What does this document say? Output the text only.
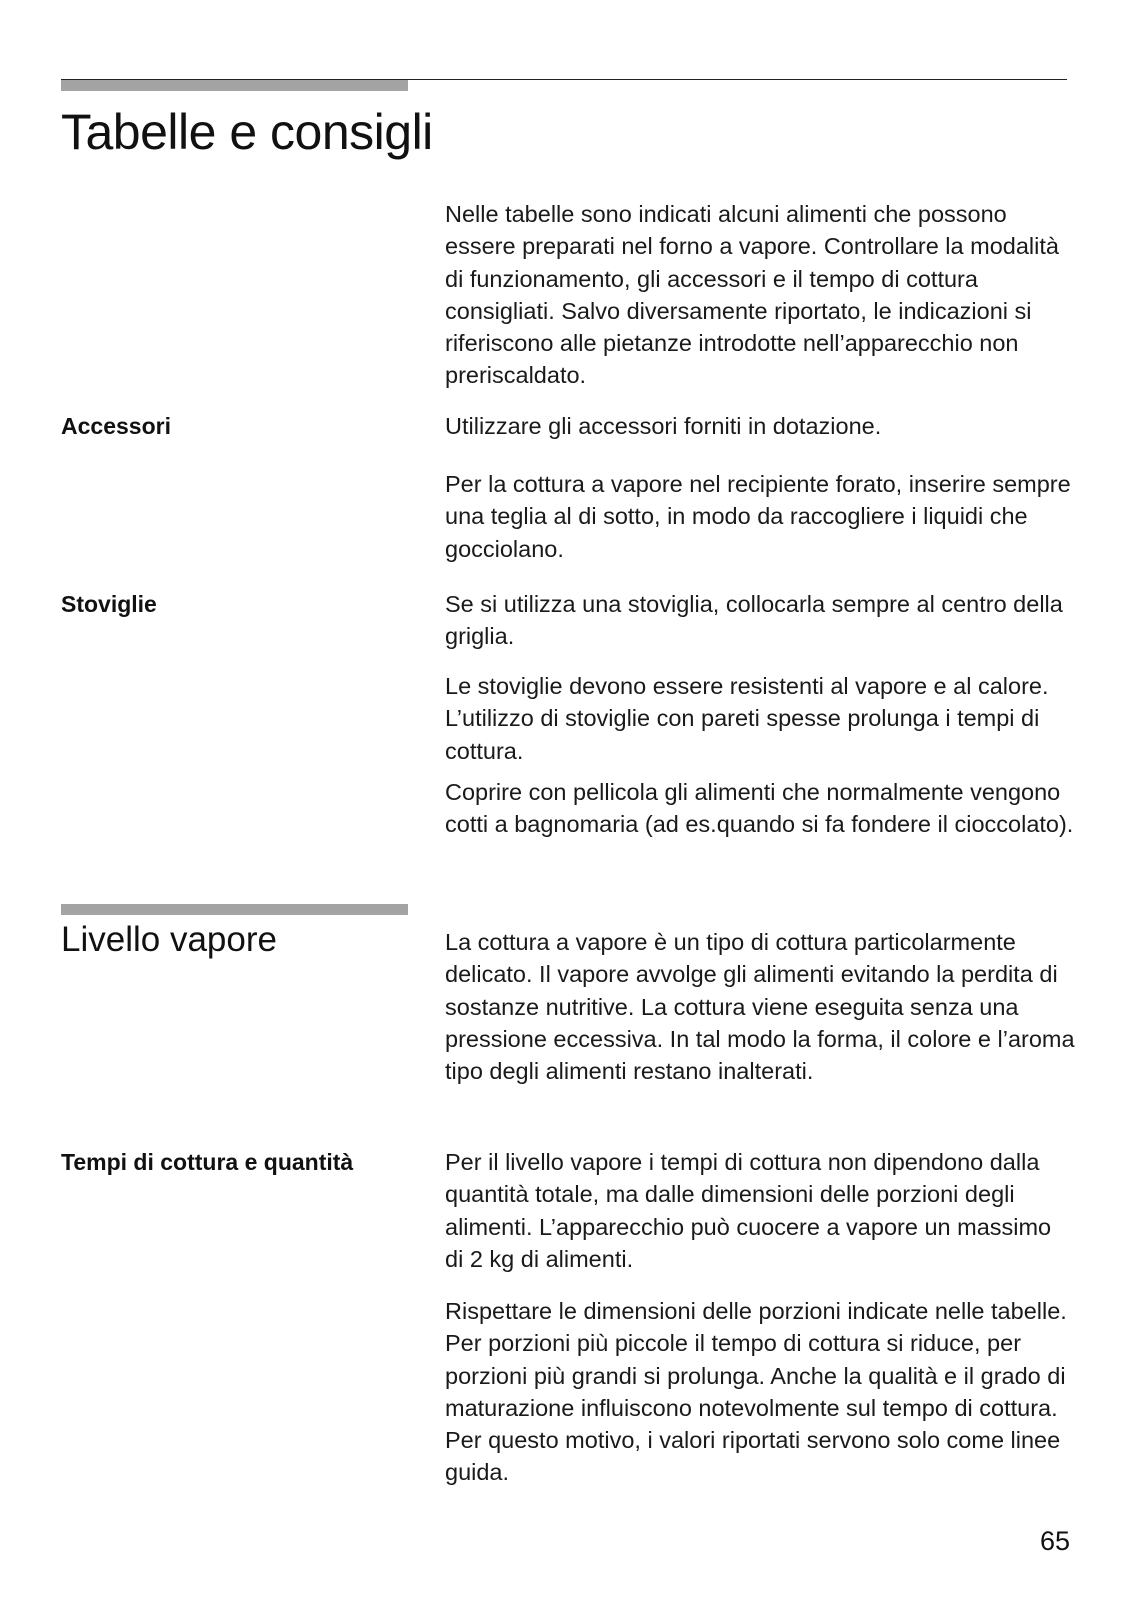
Tabelle e consigli

Nelle tabelle sono indicati alcuni alimenti che possono essere preparati nel forno a vapore. Controllare la modalità di funzionamento, gli accessori e il tempo di cottura consigliati. Salvo diversamente riportato, le indicazioni si riferiscono alle pietanze introdotte nell’apparecchio non preriscaldato.

Accessori	Utilizzare gli accessori forniti in dotazione.

Per la cottura a vapore nel recipiente forato, inserire sempre una teglia al di sotto, in modo da raccogliere i liquidi che gocciolano.

Stoviglie	Se si utilizza una stoviglia, collocarla sempre al centro della griglia.

Le stoviglie devono essere resistenti al vapore e al calore. L’utilizzo di stoviglie con pareti spesse prolunga i tempi di cottura.

Coprire con pellicola gli alimenti che normalmente vengono cotti a bagnomaria (ad es.quando si fa fondere il cioccolato).

Livello vapore	La cottura a vapore è un tipo di cottura particolarmente delicato. Il vapore avvolge gli alimenti evitando la perdita di sostanze nutritive. La cottura viene eseguita senza una pressione eccessiva. In tal modo la forma, il colore e l’aroma tipo degli alimenti restano inalterati.

Tempi di cottura e quantità	Per il livello vapore i tempi di cottura non dipendono dalla quantità totale, ma dalle dimensioni delle porzioni degli alimenti. L’apparecchio può cuocere a vapore un massimo di 2 kg di alimenti.

Rispettare le dimensioni delle porzioni indicate nelle tabelle. Per porzioni più piccole il tempo di cottura si riduce, per porzioni più grandi si prolunga. Anche la qualità e il grado di maturazione influiscono notevolmente sul tempo di cottura. Per questo motivo, i valori riportati servono solo come linee guida.

65
